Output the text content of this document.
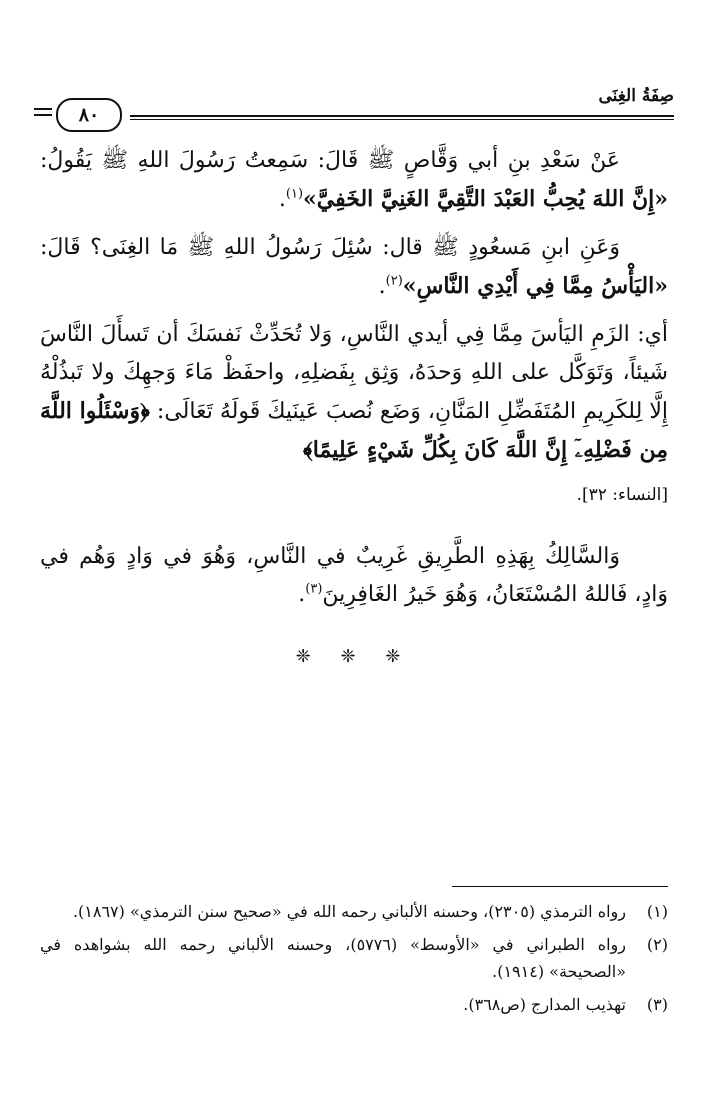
صِفَةُ الغِنَى
٨٠

عَنْ سَعْدِ بنِ أبي وَقَّاصٍ ﷺ قَالَ: سَمِعتُ رَسُولَ اللهِ ﷺ يَقُولُ: «إِنَّ اللهَ يُحِبُّ العَبْدَ التَّقِيَّ الغَنِيَّ الخَفِيَّ»$^{(١)}$.

وَعَنِ ابنِ مَسعُودٍ ﷺ قال: سُئِلَ رَسُولُ اللهِ ﷺ مَا الغِنَى؟ قَالَ: «اليَأْسُ مِمَّا فِي أَيْدِي النَّاسِ»$^{(٢)}$.

أي: الزَمِ اليَأسَ مِمَّا فِي أيدي النَّاسِ، وَلا تُحَدِّثْ نَفسَكَ أن تَسأَلَ النَّاسَ شَيئاً، وَتَوَكَّل على اللهِ وَحدَهُ، وَثِق بِفَضلِهِ، واحفَظْ مَاءَ وَجهِكَ ولا تَبذُلْهُ إِلَّا لِلكَرِيمِ المُتَفَضِّلِ المَنَّانِ، وَضَع نُصبَ عَينَيكَ قَولَهُ تَعَالَى: ﴿وَسْئَلُوا اللَّهَ مِن فَضْلِهِۦٓ إِنَّ اللَّهَ كَانَ بِكُلِّ شَيْءٍ عَلِيمًا﴾

[النساء: ٣٢].

وَالسَّالِكُ بِهَذِهِ الطَّرِيقِ غَرِيبٌ في النَّاسِ، وَهُوَ في وَادٍ وَهُم في وَادٍ، فَاللهُ المُسْتَعَانُ، وَهُوَ خَيرُ الغَافِرِينَ$^{(٣)}$.

❈ ❈ ❈
(١)
رواه الترمذي (٢٣٠٥)، وحسنه الألباني رحمه الله في «صحيح سنن الترمذي» (١٨٦٧).
(٢)
رواه الطبراني في «الأوسط» (٥٧٧٦)، وحسنه الألباني رحمه الله بشواهده في «الصحيحة» (١٩١٤).
(٣)
تهذيب المدارج (ص٣٦٨).
